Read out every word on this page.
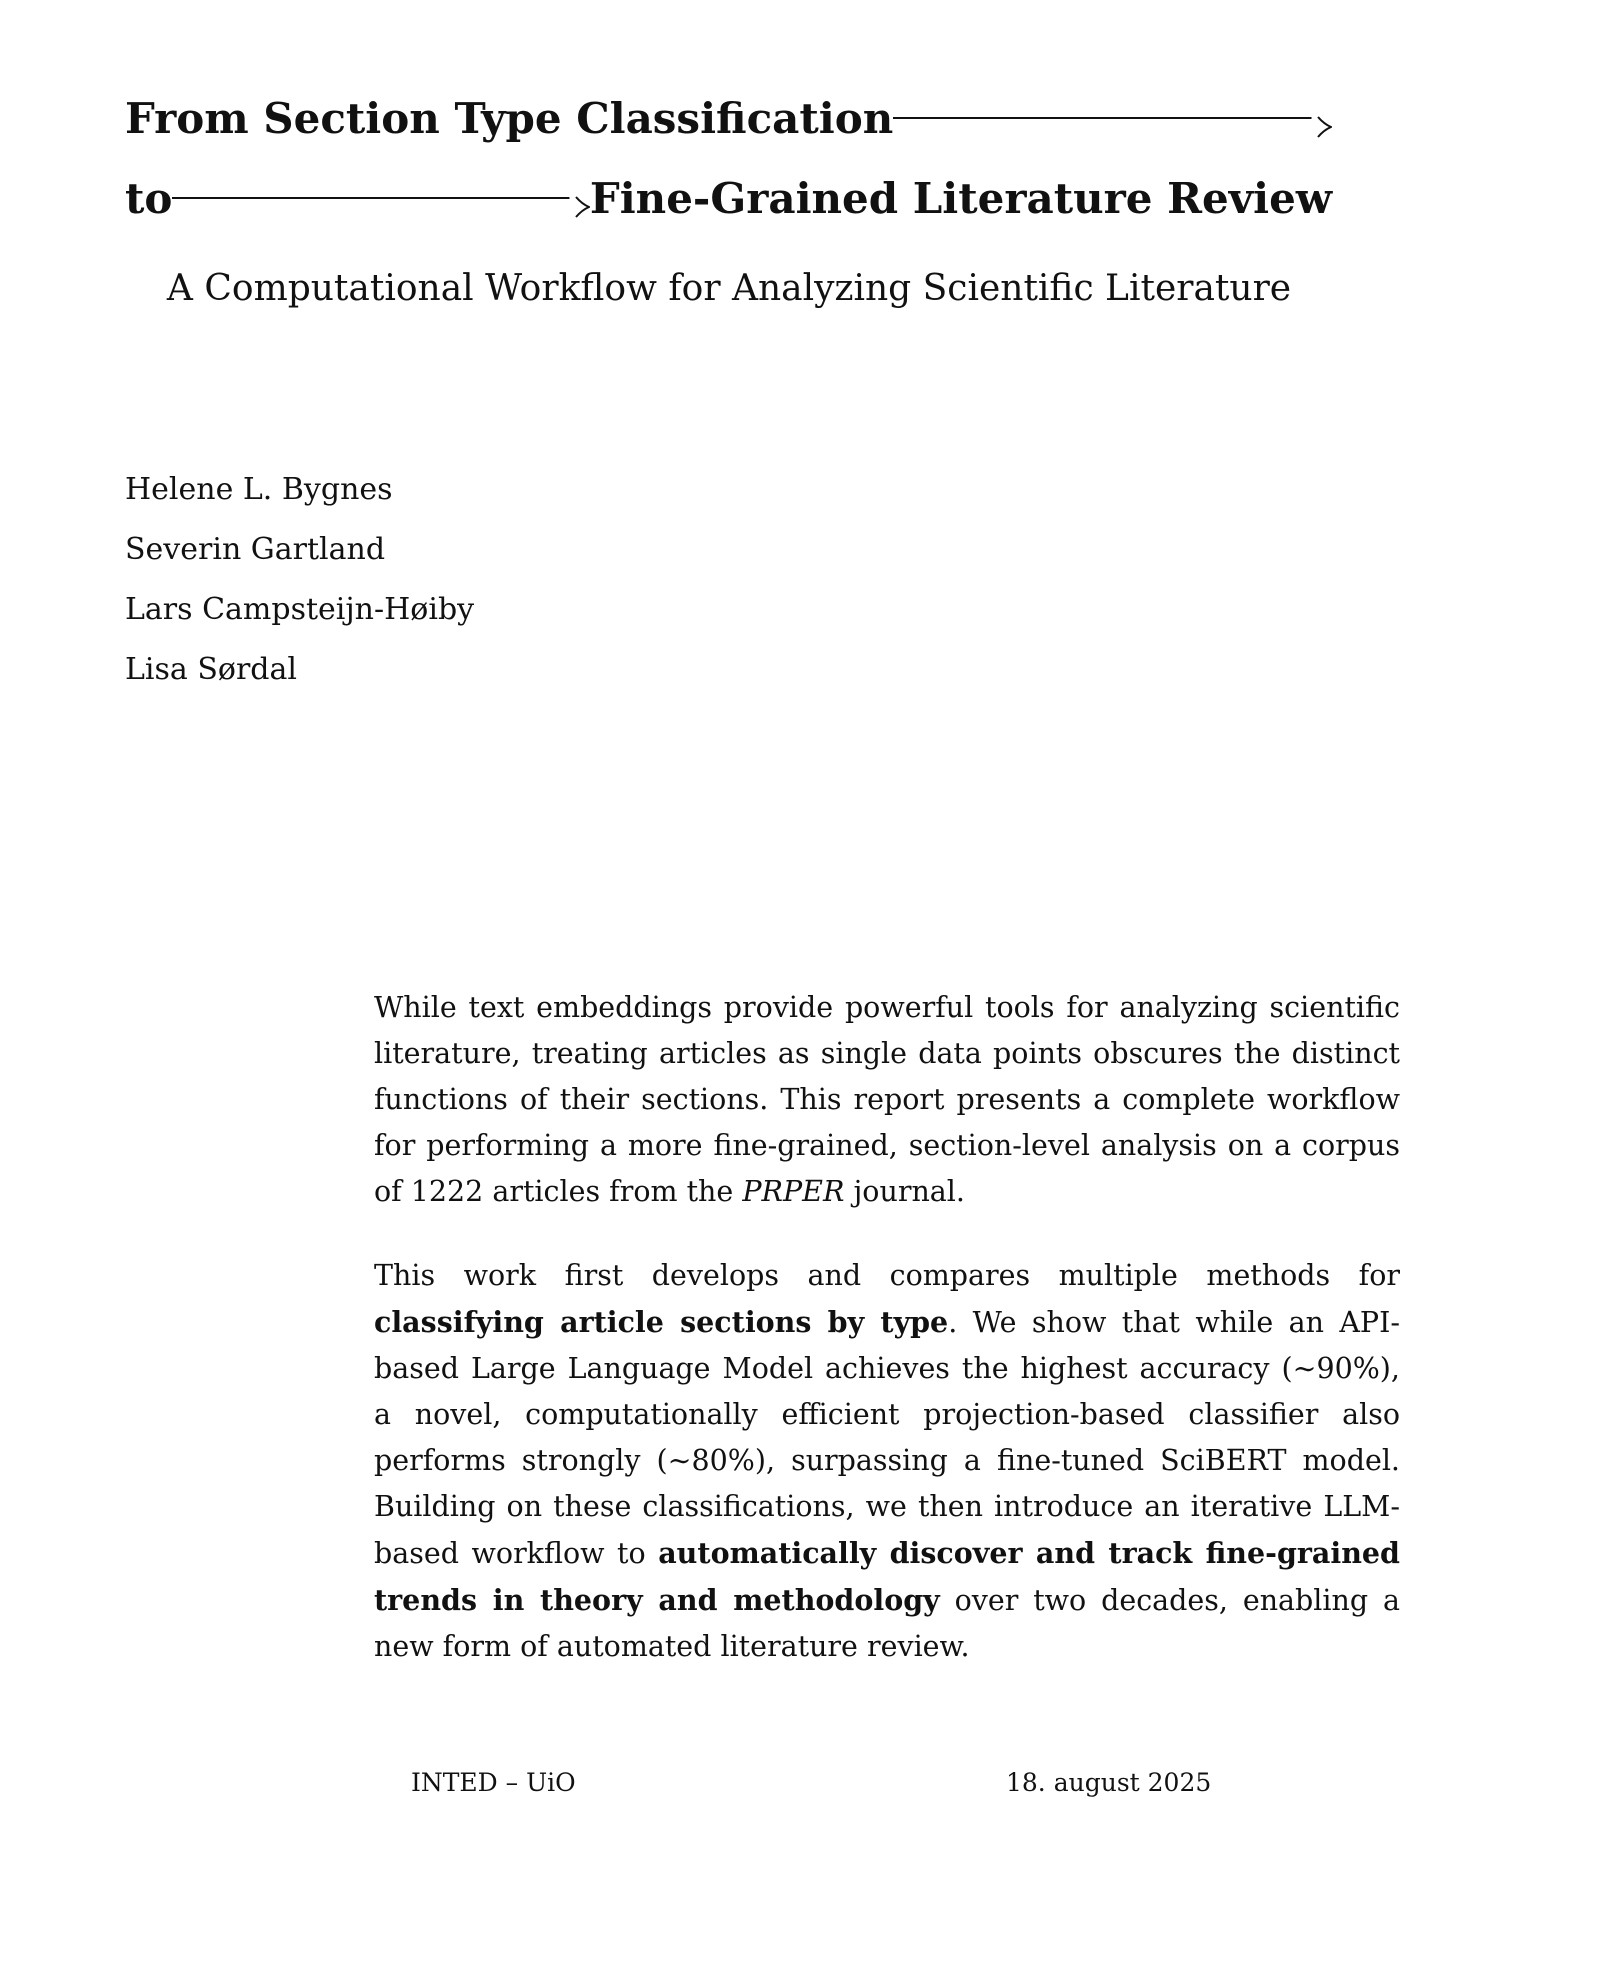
From Section Type Classification
to	Fine-Grained Literature Review
A Computational Workflow for Analyzing Scientific Literature
Helene L. Bygnes
Severin Gartland
Lars Campsteijn-Høiby
Lisa Sørdal

While text embeddings provide powerful tools for analyzing scientific literature, treating articles as single data points obscures the distinct functions of their sections. This report presents a complete workflow for performing a more fine-grained, section-level analysis on a corpus of 1222 articles from the PRPER journal.

This work first develops and compares multiple methods for classifying article sections by type. We show that while an API-based Large Language Model achieves the highest accuracy (∼90%), a novel, computationally efficient projection-based classifier also performs strongly (∼80%), surpassing a fine-tuned SciBERT model. Building on these classifications, we then introduce an iterative LLM-based workflow to automatically discover and track fine-grained trends in theory and methodology over two decades, enabling a new form of automated literature review.

INTED – UiO	18. august 2025
